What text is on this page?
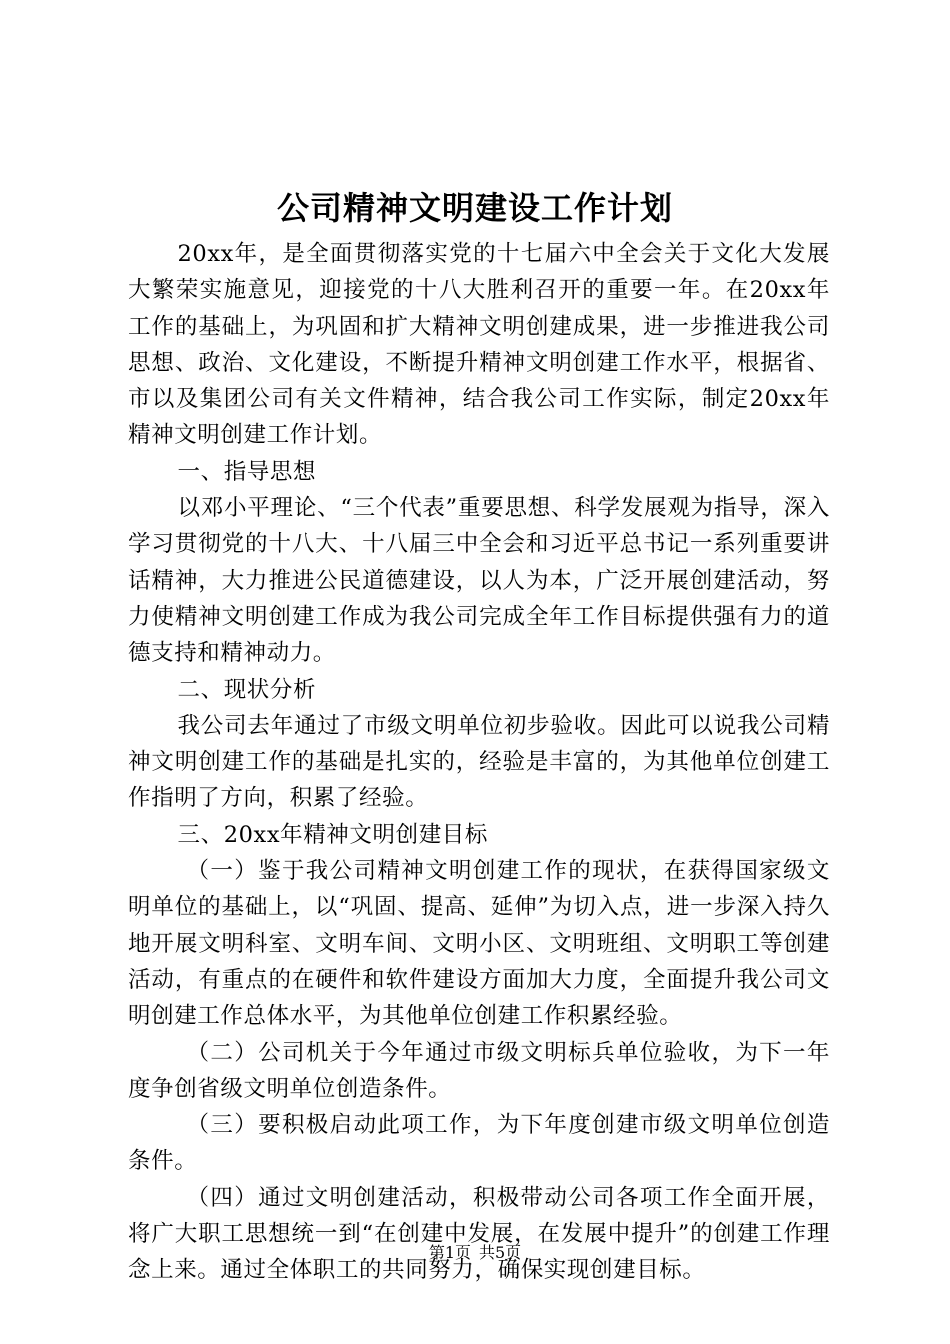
公司精神文明建设工作计划

20xx年，是全面贯彻落实党的十七届六中全会关于文化大发展大繁荣实施意见，迎接党的十八大胜利召开的重要一年。在20xx年工作的基础上，为巩固和扩大精神文明创建成果，进一步推进我公司思想、政治、文化建设，不断提升精神文明创建工作水平，根据省、市以及集团公司有关文件精神，结合我公司工作实际，制定20xx年精神文明创建工作计划。

一、指导思想

以邓小平理论、“三个代表”重要思想、科学发展观为指导，深入学习贯彻党的十八大、十八届三中全会和习近平总书记一系列重要讲话精神，大力推进公民道德建设，以人为本，广泛开展创建活动，努力使精神文明创建工作成为我公司完成全年工作目标提供强有力的道德支持和精神动力。

二、现状分析

我公司去年通过了市级文明单位初步验收。因此可以说我公司精神文明创建工作的基础是扎实的，经验是丰富的，为其他单位创建工作指明了方向，积累了经验。

三、20xx年精神文明创建目标

（一）鉴于我公司精神文明创建工作的现状，在获得国家级文明单位的基础上，以“巩固、提高、延伸”为切入点，进一步深入持久地开展文明科室、文明车间、文明小区、文明班组、文明职工等创建活动，有重点的在硬件和软件建设方面加大力度，全面提升我公司文明创建工作总体水平，为其他单位创建工作积累经验。

（二）公司机关于今年通过市级文明标兵单位验收，为下一年度争创省级文明单位创造条件。

（三）要积极启动此项工作，为下年度创建市级文明单位创造条件。

（四）通过文明创建活动，积极带动公司各项工作全面开展，将广大职工思想统一到“在创建中发展，在发展中提升”的创建工作理念上来。通过全体职工的共同努力，确保实现创建目标。

第1页 共5页
